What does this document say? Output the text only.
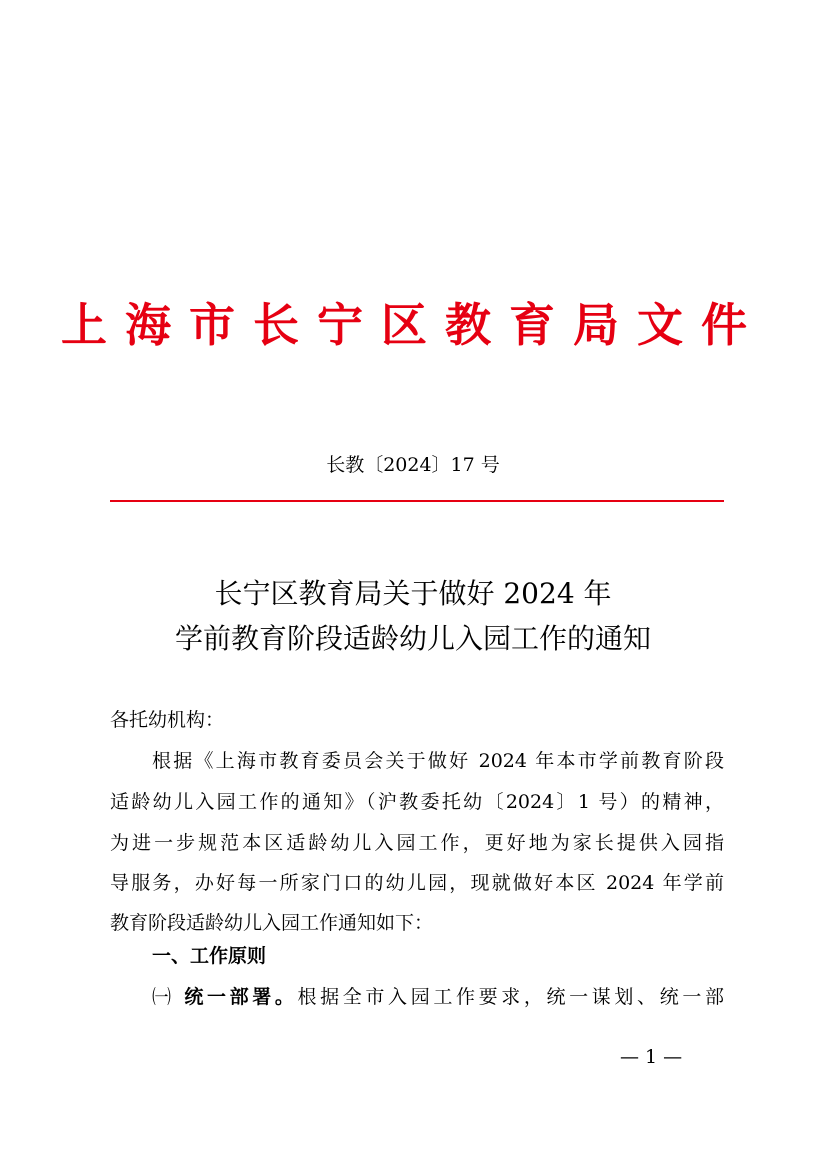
上海市长宁区教育局文件
长教〔2024〕17 号
长宁区教育局关于做好 2024 年
学前教育阶段适龄幼儿入园工作的通知
各托幼机构：
根据《上海市教育委员会关于做好 2024 年本市学前教育阶段
适龄幼儿入园工作的通知》（沪教委托幼〔2024〕1 号）的精神，
为进一步规范本区适龄幼儿入园工作，更好地为家长提供入园指
导服务，办好每一所家门口的幼儿园，现就做好本区 2024 年学前
教育阶段适龄幼儿入园工作通知如下：
一、工作原则
㈠ 统一部署。根据全市入园工作要求，统一谋划、统一部
— 1 —
